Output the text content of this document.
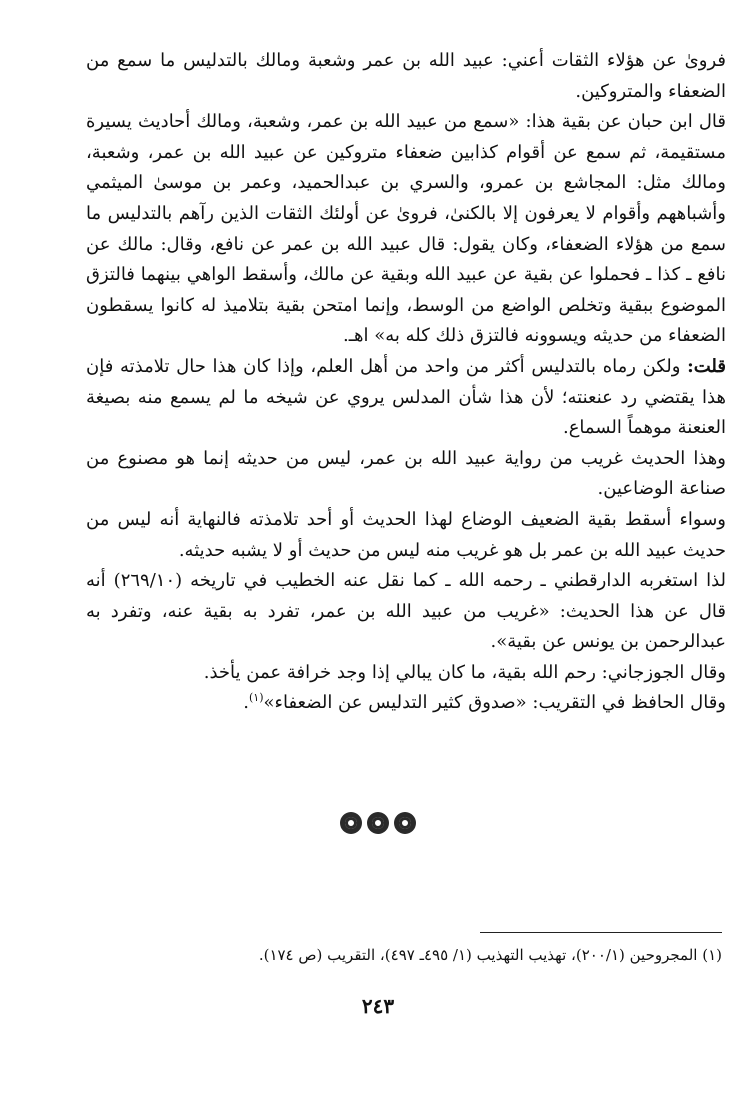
فروىٰ عن هؤلاء الثقات أعني: عبيد الله بن عمر وشعبة ومالك بالتدليس ما سمع من الضعفاء والمتروكين.

قال ابن حبان عن بقية هذا: «سمع من عبيد الله بن عمر، وشعبة، ومالك أحاديث يسيرة مستقيمة، ثم سمع عن أقوام كذابين ضعفاء متروكين عن عبيد الله بن عمر، وشعبة، ومالك مثل: المجاشع بن عمرو، والسري بن عبدالحميد، وعمر بن موسىٰ الميثمي وأشباههم وأقوام لا يعرفون إلا بالكنىٰ، فروىٰ عن أولئك الثقات الذين رآهم بالتدليس ما سمع من هؤلاء الضعفاء، وكان يقول: قال عبيد الله بن عمر عن نافع، وقال: مالك عن نافع ـ كذا ـ فحملوا عن بقية عن عبيد الله وبقية عن مالك، وأسقط الواهي بينهما فالتزق الموضوع ببقية وتخلص الواضع من الوسط، وإنما امتحن بقية بتلاميذ له كانوا يسقطون الضعفاء من حديثه ويسوونه فالتزق ذلك كله به» اهـ.

قلت: ولكن رماه بالتدليس أكثر من واحد من أهل العلم، وإذا كان هذا حال تلامذته فإن هذا يقتضي رد عنعنته؛ لأن هذا شأن المدلس يروي عن شيخه ما لم يسمع منه بصيغة العنعنة موهماً السماع.

وهذا الحديث غريب من رواية عبيد الله بن عمر، ليس من حديثه إنما هو مصنوع من صناعة الوضاعين.

وسواء أسقط بقية الضعيف الوضاع لهذا الحديث أو أحد تلامذته فالنهاية أنه ليس من حديث عبيد الله بن عمر بل هو غريب منه ليس من حديث أو لا يشبه حديثه.

لذا استغربه الدارقطني ـ رحمه الله ـ كما نقل عنه الخطيب في تاريخه (٢٦٩/١٠) أنه قال عن هذا الحديث: «غريب من عبيد الله بن عمر، تفرد به بقية عنه، وتفرد به عبدالرحمن بن يونس عن بقية».

وقال الجوزجاني: رحم الله بقية، ما كان يبالي إذا وجد خرافة عمن يأخذ.

وقال الحافظ في التقريب: «صدوق كثير التدليس عن الضعفاء»$^{(١)}$.

(١) المجروحين (٢٠٠/١)، تهذيب التهذيب (١/ ٤٩٥ـ ٤٩٧)، التقريب (ص ١٧٤).
٢٤٣
